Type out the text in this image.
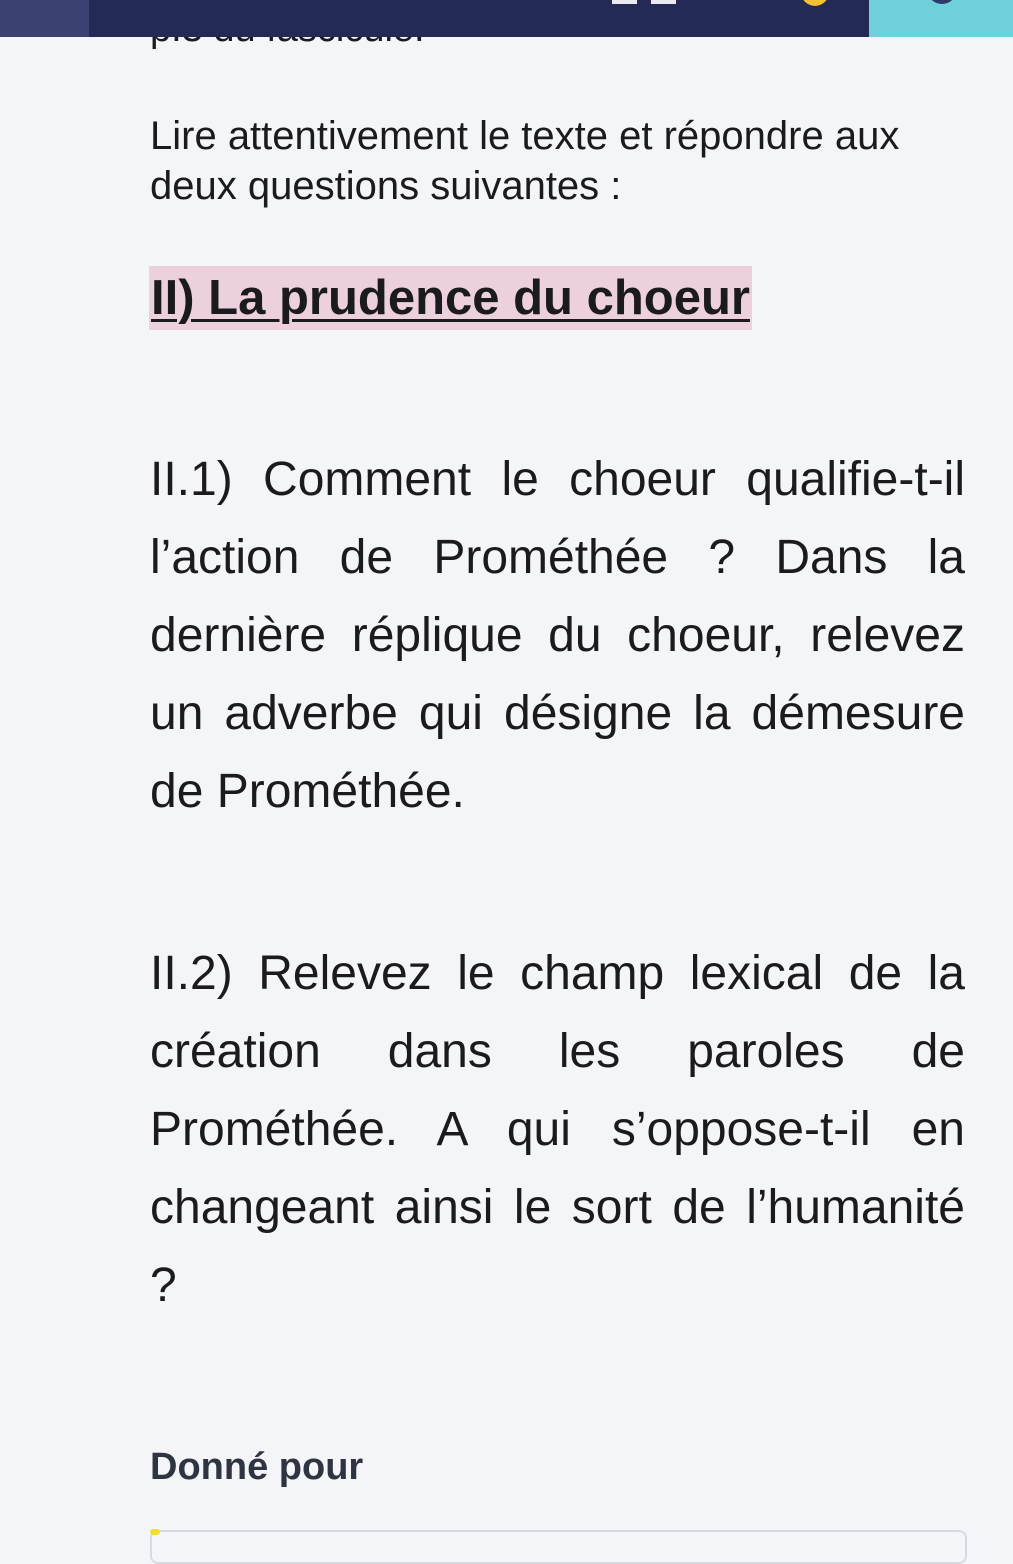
Lire attentivement le texte et répondre aux deux questions suivantes :

II) La prudence du choeur

II.1) Comment le choeur qualifie-t-il l’action de Prométhée ? Dans la dernière réplique du choeur, relevez un adverbe qui désigne la démesure de Prométhée.

II.2) Relevez le champ lexical de la création dans les paroles de Prométhée. A qui s’oppose-t-il en changeant ainsi le sort de l’humanité ?

Donné pour
